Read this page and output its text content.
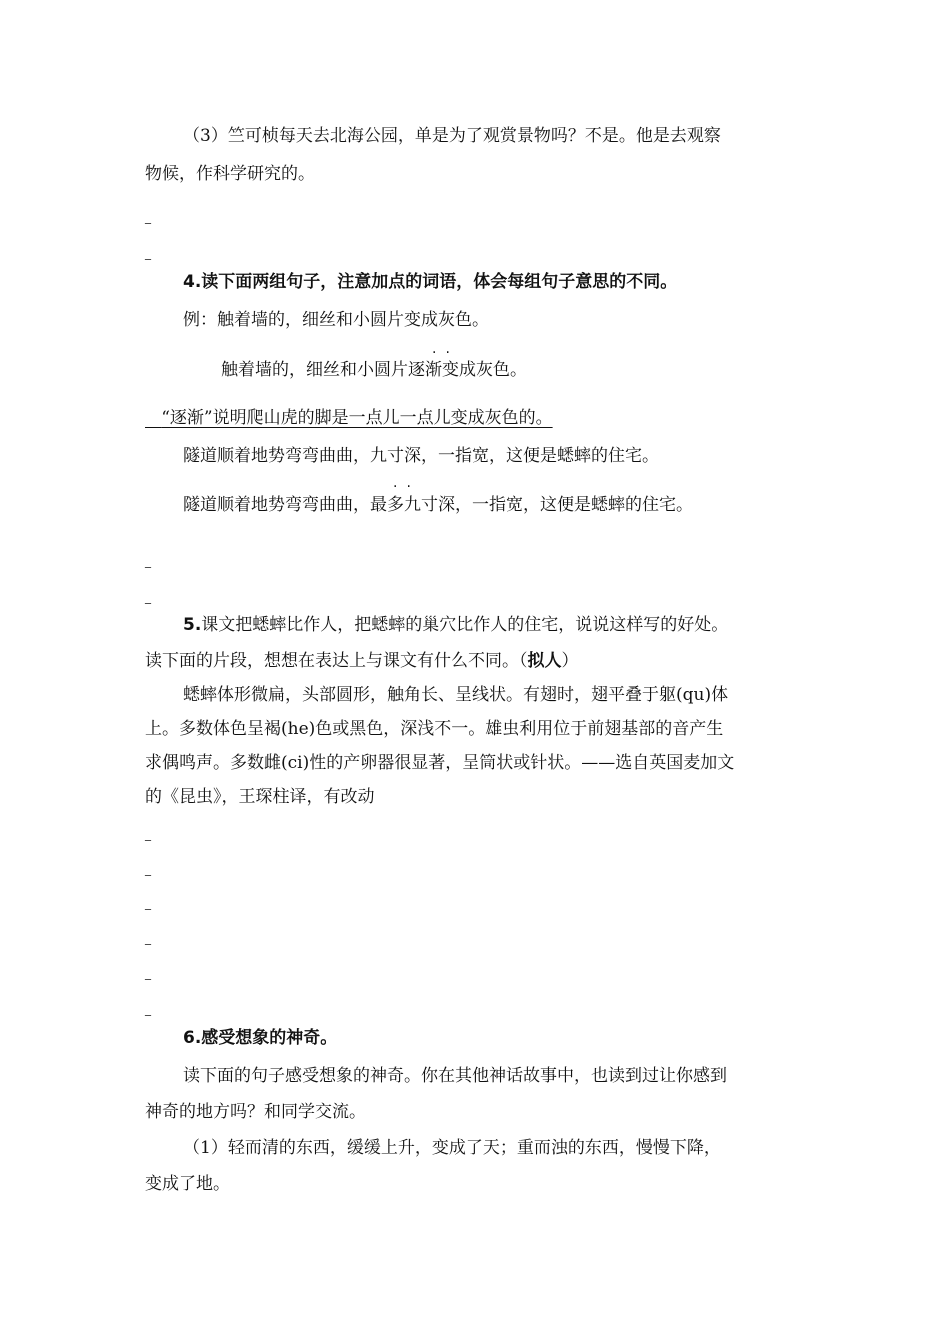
（3）竺可桢每天去北海公园，单是为了观赏景物吗？不是。他是去观察
物候，作科学研究的。
_
_
4.读下面两组句子，注意加点的词语，体会每组句子意思的不同。
例：触着墙的，细丝和小圆片变成灰色。
··
触着墙的，细丝和小圆片逐渐变成灰色。
“逐渐”说明爬山虎的脚是一点儿一点儿变成灰色的。
隧道顺着地势弯弯曲曲，九寸深，一指宽，这便是蟋蟀的住宅。
··
隧道顺着地势弯弯曲曲，最多九寸深，一指宽，这便是蟋蟀的住宅。
_
_
5.课文把蟋蟀比作人，把蟋蟀的巢穴比作人的住宅，说说这样写的好处。
读下面的片段，想想在表达上与课文有什么不同。（拟人）
蟋蟀体形微扁，头部圆形，触角长、呈线状。有翅时，翅平叠于躯(qu)体
上。多数体色呈褐(he)色或黑色，深浅不一。雄虫利用位于前翅基部的音产生
求偶鸣声。多数雌(ci)性的产卵器很显著，呈筒状或针状。——选自英国麦加文
的《昆虫》，王琛柱译，有改动
_
_
_
_
_
_
6.感受想象的神奇。
读下面的句子感受想象的神奇。你在其他神话故事中，也读到过让你感到
神奇的地方吗？和同学交流。
（1）轻而清的东西，缓缓上升，变成了天；重而浊的东西，慢慢下降，
变成了地。
